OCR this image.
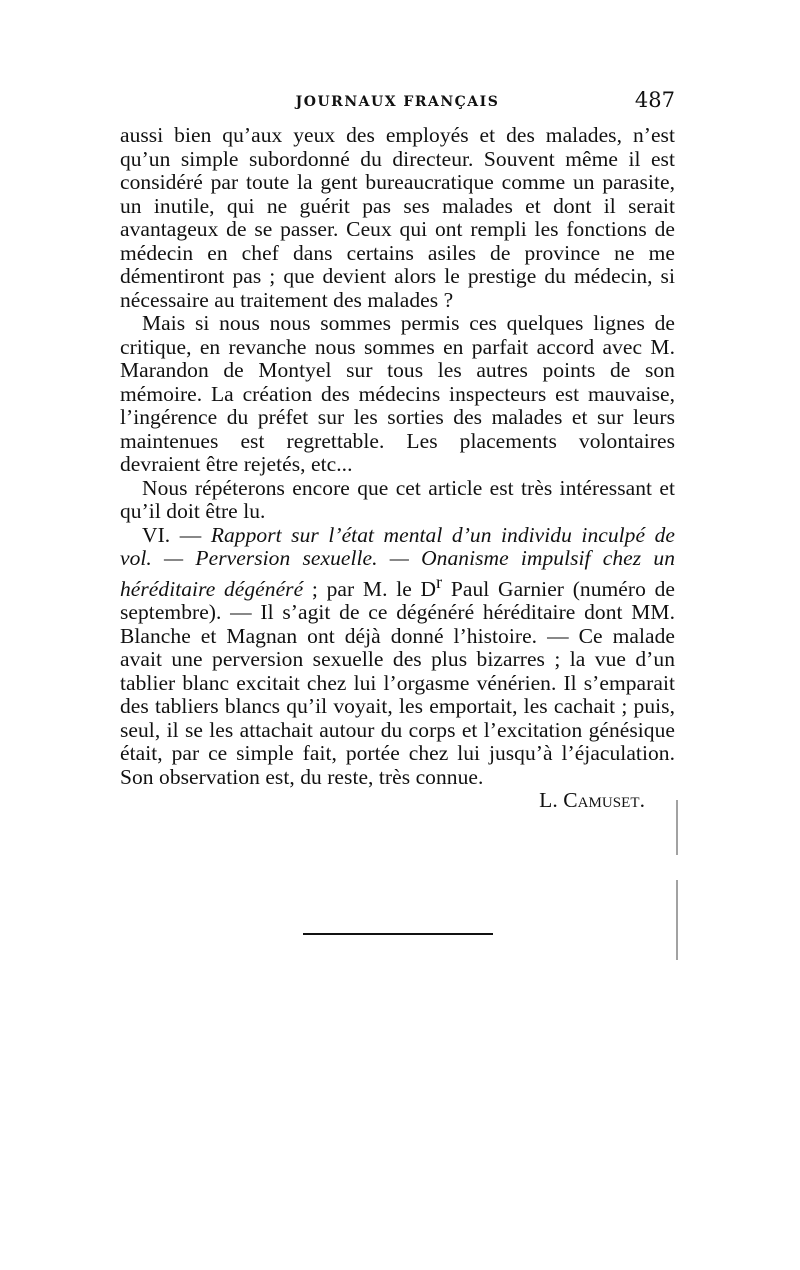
JOURNAUX FRANÇAIS	487

aussi bien qu’aux yeux des employés et des malades, n’est qu’un simple subordonné du directeur. Souvent même il est considéré par toute la gent bureaucratique comme un parasite, un inutile, qui ne guérit pas ses malades et dont il serait avantageux de se passer. Ceux qui ont rempli les fonctions de médecin en chef dans certains asiles de province ne me démentiront pas ; que devient alors le prestige du médecin, si nécessaire au traitement des malades ?

Mais si nous nous sommes permis ces quelques lignes de critique, en revanche nous sommes en parfait accord avec M. Marandon de Montyel sur tous les autres points de son mémoire. La création des médecins inspecteurs est mauvaise, l’ingérence du préfet sur les sorties des malades et sur leurs maintenues est regrettable. Les placements volontaires devraient être rejetés, etc...

Nous répéterons encore que cet article est très intéressant et qu’il doit être lu.

VI. — Rapport sur l’état mental d’un individu inculpé de vol. — Perversion sexuelle. — Onanisme impulsif chez un héréditaire dégénéré ; par M. le $D^r$ Paul Garnier (numéro de septembre). — Il s’agit de ce dégénéré héréditaire dont MM. Blanche et Magnan ont déjà donné l’histoire. — Ce malade avait une perversion sexuelle des plus bizarres ; la vue d’un tablier blanc excitait chez lui l’orgasme vénérien. Il s’emparait des tabliers blancs qu’il voyait, les emportait, les cachait ; puis, seul, il se les attachait autour du corps et l’excitation génésique était, par ce simple fait, portée chez lui jusqu’à l’éjaculation. Son observation est, du reste, très connue.

L. Camuset.
